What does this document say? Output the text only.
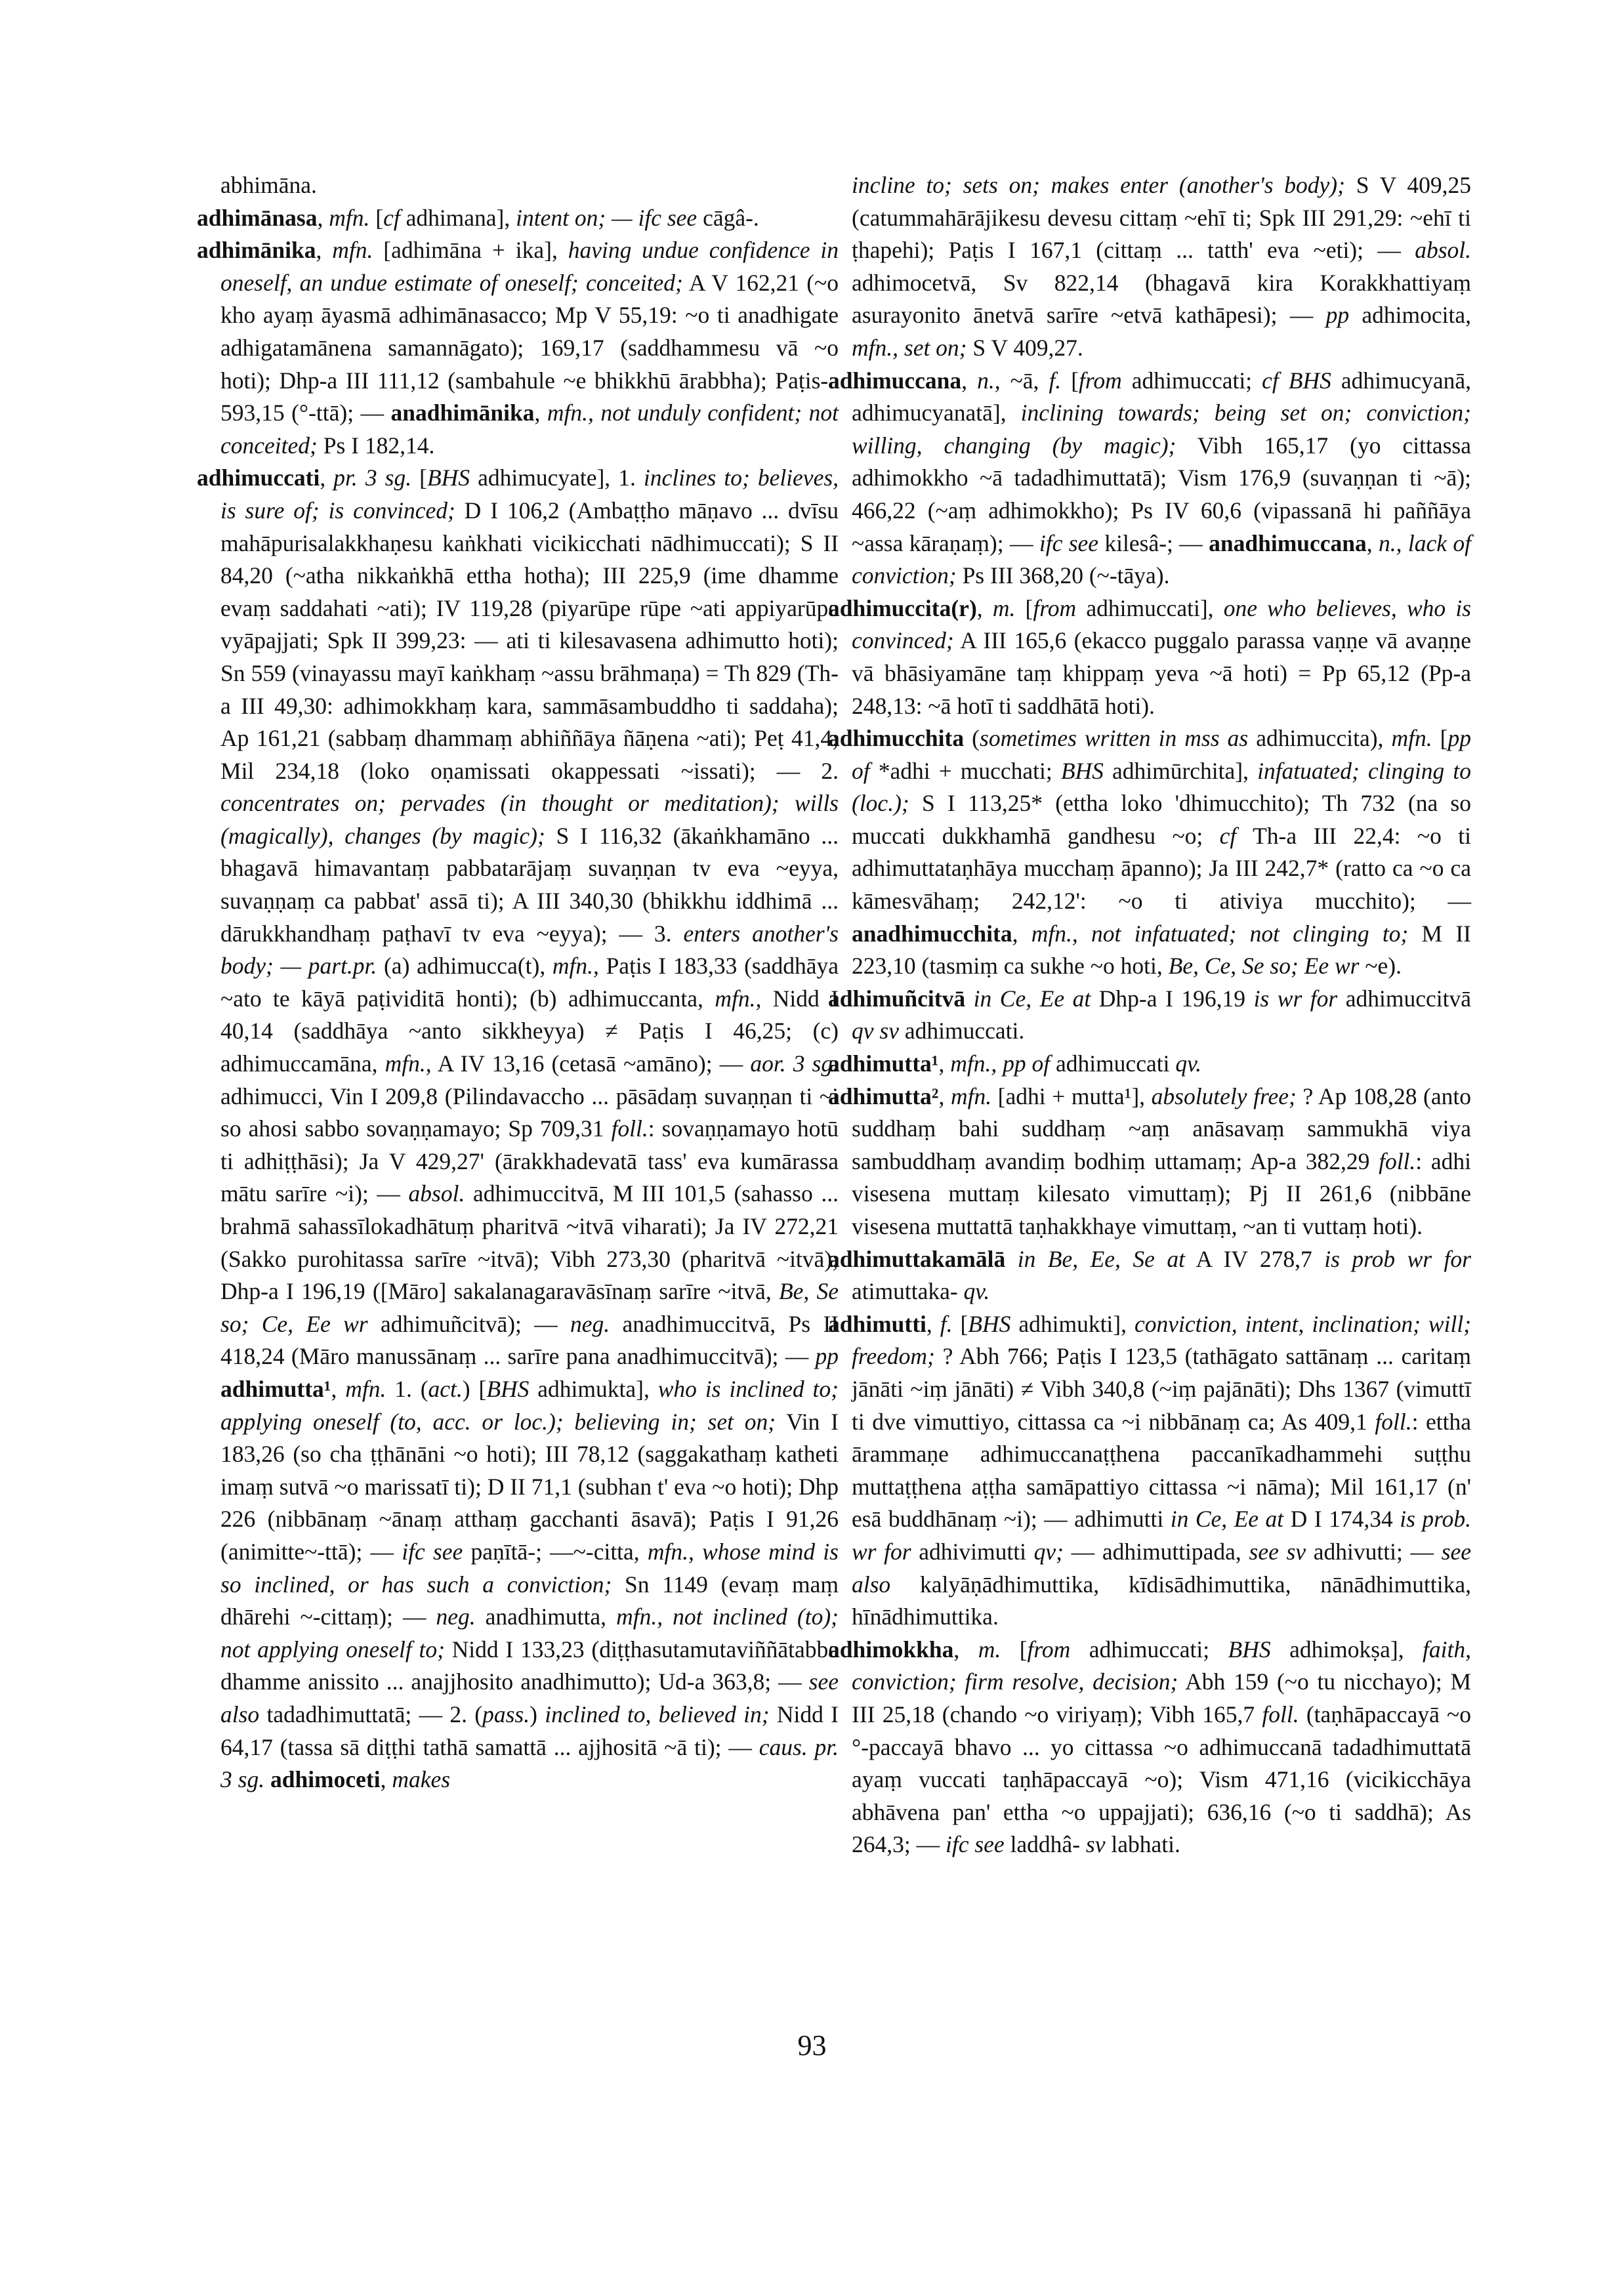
abhimāna.

adhimānasa, mfn. [cf adhimana], intent on; — ifc see cāgâ-.

adhimānika, mfn. [adhimāna + ika], having undue confidence in oneself, an undue estimate of oneself; conceited; A V 162,21 (~o kho ayaṃ āyasmā adhimānasacco; Mp V 55,19: ~o ti anadhigate adhigatamānena samannāgato); 169,17 (saddhammesu vā ~o hoti); Dhp-a III 111,12 (sambahule ~e bhikkhū ārabbha); Paṭis-a 593,15 (°-ttā); — anadhimānika, mfn., not unduly confident; not conceited; Ps I 182,14.

adhimuccati, pr. 3 sg. [BHS adhimucyate], 1. inclines to; believes, is sure of; is convinced; D I 106,2 (Ambaṭṭho māṇavo ... dvīsu mahāpurisalakkhaṇesu kaṅkhati vicikicchati nādhimuccati); S II 84,20 (~atha nikkaṅkhā ettha hotha); III 225,9 (ime dhamme evaṃ saddahati ~ati); IV 119,28 (piyarūpe rūpe ~ati appiyarūpe vyāpajjati; Spk II 399,23: — ati ti kilesavasena adhimutto hoti); Sn 559 (vinayassu mayī kaṅkhaṃ ~assu brāhmaṇa) = Th 829 (Th-a III 49,30: adhimokkhaṃ kara, sammāsambuddho ti saddaha); Ap 161,21 (sabbaṃ dhammaṃ abhiññāya ñāṇena ~ati); Peṭ 41,4; Mil 234,18 (loko oṇamissati okappessati ~issati); — 2. concentrates on; pervades (in thought or meditation); wills (magically), changes (by magic); S I 116,32 (ākaṅkhamāno ... bhagavā himavantaṃ pabbatarājaṃ suvaṇṇan tv eva ~eyya, suvaṇṇaṃ ca pabbat' assā ti); A III 340,30 (bhikkhu iddhimā ... dārukkhandhaṃ paṭhavī tv eva ~eyya); — 3. enters another's body; — part.pr. (a) adhimucca(t), mfn., Paṭis I 183,33 (saddhāya ~ato te kāyā paṭividitā honti); (b) adhimuccanta, mfn., Nidd I 40,14 (saddhāya ~anto sikkheyya) ≠ Paṭis I 46,25; (c) adhimuccamāna, mfn., A IV 13,16 (cetasā ~amāno); — aor. 3 sg. adhimucci, Vin I 209,8 (Pilindavaccho ... pāsādaṃ suvaṇṇan ti ~i so ahosi sabbo sovaṇṇamayo; Sp 709,31 foll.: sovaṇṇamayo hotū ti adhiṭṭhāsi); Ja V 429,27' (ārakkhadevatā tass' eva kumārassa mātu sarīre ~i); — absol. adhimuccitvā, M III 101,5 (sahasso ... brahmā sahassīlokadhātuṃ pharitvā ~itvā viharati); Ja IV 272,21 (Sakko purohitassa sarīre ~itvā); Vibh 273,30 (pharitvā ~itvā); Dhp-a I 196,19 ([Māro] sakalanagaravāsīnaṃ sarīre ~itvā, Be, Se so; Ce, Ee wr adhimuñcitvā); — neg. anadhimuccitvā, Ps II 418,24 (Māro manussānaṃ ... sarīre pana anadhimuccitvā); — pp adhimutta¹, mfn. 1. (act.) [BHS adhimukta], who is inclined to; applying oneself (to, acc. or loc.); believing in; set on; Vin I 183,26 (so cha ṭṭhānāni ~o hoti); III 78,12 (saggakathaṃ katheti imaṃ sutvā ~o marissatī ti); D II 71,1 (subhan t' eva ~o hoti); Dhp 226 (nibbānaṃ ~ānaṃ atthaṃ gacchanti āsavā); Paṭis I 91,26 (animitte~-ttā); — ifc see paṇītā-; —~-citta, mfn., whose mind is so inclined, or has such a conviction; Sn 1149 (evaṃ maṃ dhārehi ~-cittaṃ); — neg. anadhimutta, mfn., not inclined (to); not applying oneself to; Nidd I 133,23 (diṭṭhasutamutaviññātabbe dhamme anissito ... anajjhosito anadhimutto); Ud-a 363,8; — see also tadadhimuttatā; — 2. (pass.) inclined to, believed in; Nidd I 64,17 (tassa sā diṭṭhi tathā samattā ... ajjhositā ~ā ti); — caus. pr. 3 sg. adhimoceti, makes

incline to; sets on; makes enter (another's body); S V 409,25 (catummahārājikesu devesu cittaṃ ~ehī ti; Spk III 291,29: ~ehī ti ṭhapehi); Paṭis I 167,1 (cittaṃ ... tatth' eva ~eti); — absol. adhimocetvā, Sv 822,14 (bhagavā kira Korakkhattiyaṃ asurayonito ānetvā sarīre ~etvā kathāpesi); — pp adhimocita, mfn., set on; S V 409,27.

adhimuccana, n., ~ā, f. [from adhimuccati; cf BHS adhimucyanā, adhimucyanatā], inclining towards; being set on; conviction; willing, changing (by magic); Vibh 165,17 (yo cittassa adhimokkho ~ā tadadhimuttatā); Vism 176,9 (suvaṇṇan ti ~ā); 466,22 (~aṃ adhimokkho); Ps IV 60,6 (vipassanā hi paññāya ~assa kāraṇaṃ); — ifc see kilesâ-; — anadhimuccana, n., lack of conviction; Ps III 368,20 (~-tāya).

adhimuccita(r), m. [from adhimuccati], one who believes, who is convinced; A III 165,6 (ekacco puggalo parassa vaṇṇe vā avaṇṇe vā bhāsiyamāne taṃ khippaṃ yeva ~ā hoti) = Pp 65,12 (Pp-a 248,13: ~ā hotī ti saddhātā hoti).

adhimucchita (sometimes written in mss as adhimuccita), mfn. [pp of *adhi + mucchati; BHS adhimūrchita], infatuated; clinging to (loc.); S I 113,25* (ettha loko 'dhimucchito); Th 732 (na so muccati dukkhamhā gandhesu ~o; cf Th-a III 22,4: ~o ti adhimuttataṇhāya mucchaṃ āpanno); Ja III 242,7* (ratto ca ~o ca kāmesvāhaṃ; 242,12': ~o ti ativiya mucchito); — anadhimucchita, mfn., not infatuated; not clinging to; M II 223,10 (tasmiṃ ca sukhe ~o hoti, Be, Ce, Se so; Ee wr ~e).

adhimuñcitvā in Ce, Ee at Dhp-a I 196,19 is wr for adhimuccitvā qv sv adhimuccati.

adhimutta¹, mfn., pp of adhimuccati qv.

adhimutta², mfn. [adhi + mutta¹], absolutely free; ? Ap 108,28 (anto suddhaṃ bahi suddhaṃ ~aṃ anāsavaṃ sammukhā viya sambuddhaṃ avandiṃ bodhiṃ uttamaṃ; Ap-a 382,29 foll.: adhi visesena muttaṃ kilesato vimuttaṃ); Pj II 261,6 (nibbāne visesena muttattā taṇhakkhaye vimuttaṃ, ~an ti vuttaṃ hoti).

adhimuttakamālā in Be, Ee, Se at A IV 278,7 is prob wr for atimuttaka- qv.

adhimutti, f. [BHS adhimukti], conviction, intent, inclination; will; freedom; ? Abh 766; Paṭis I 123,5 (tathāgato sattānaṃ ... caritaṃ jānāti ~iṃ jānāti) ≠ Vibh 340,8 (~iṃ pajānāti); Dhs 1367 (vimuttī ti dve vimuttiyo, cittassa ca ~i nibbānaṃ ca; As 409,1 foll.: ettha ārammaṇe adhimuccanaṭṭhena paccanīkadhammehi suṭṭhu muttaṭṭhena aṭṭha samāpattiyo cittassa ~i nāma); Mil 161,17 (n' esā buddhānaṃ ~i); — adhimutti in Ce, Ee at D I 174,34 is prob. wr for adhivimutti qv; — adhimuttipada, see sv adhivutti; — see also kalyāṇādhimuttika, kīdisādhimuttika, nānādhimuttika, hīnādhimuttika.

adhimokkha, m. [from adhimuccati; BHS adhimokṣa], faith, conviction; firm resolve, decision; Abh 159 (~o tu nicchayo); M III 25,18 (chando ~o viriyaṃ); Vibh 165,7 foll. (taṇhāpaccayā ~o °-paccayā bhavo ... yo cittassa ~o adhimuccanā tadadhimuttatā ayaṃ vuccati taṇhāpaccayā ~o); Vism 471,16 (vicikicchāya abhāvena pan' ettha ~o uppajjati); 636,16 (~o ti saddhā); As 264,3; — ifc see laddhâ- sv labhati.

93
